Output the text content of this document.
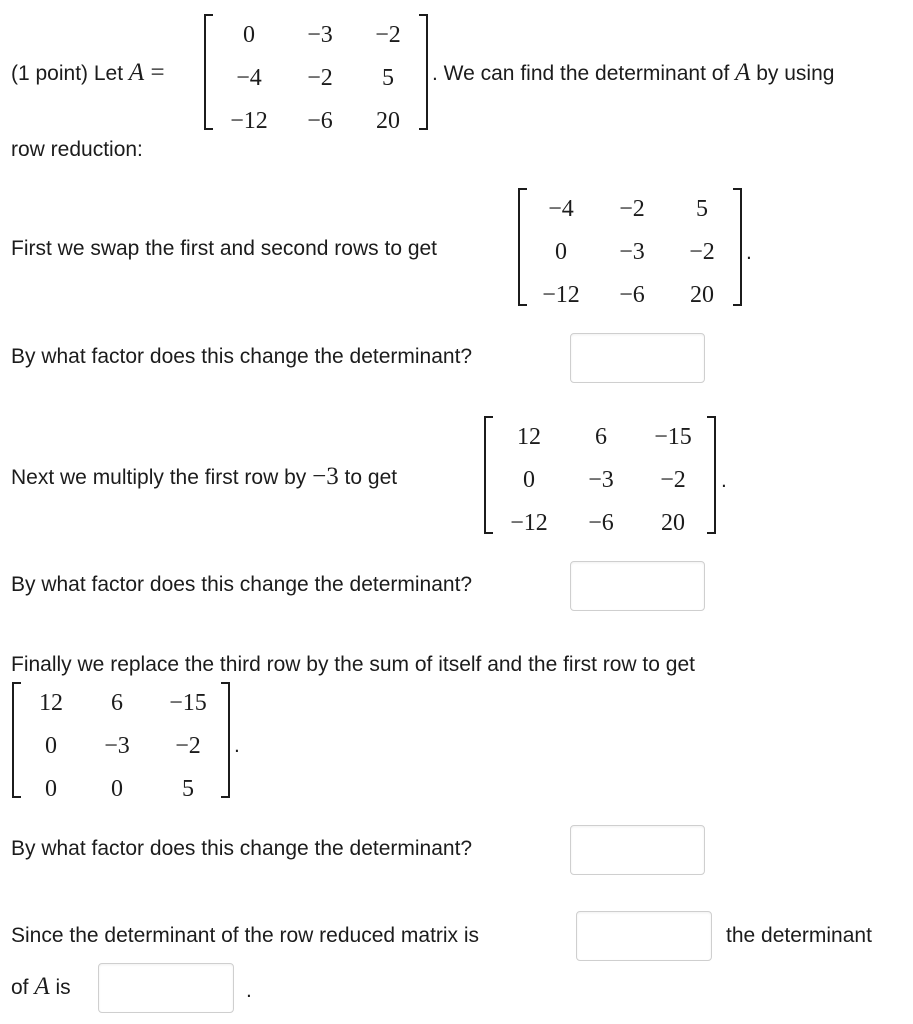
(1 point) Let A =
0	−3	−2
−4	−2	5
−12	−6	20
. We can find the determinant of A by using
row reduction:
First we swap the first and second rows to get
−4	−2	5
0	−3	−2
−12	−6	20
.
By what factor does this change the determinant?
Next we multiply the first row by −3 to get
12	6	−15
0	−3	−2
−12	−6	20
.
By what factor does this change the determinant?
Finally we replace the third row by the sum of itself and the first row to get
12	6	−15
0	−3	−2
0	0	5
.
By what factor does this change the determinant?
Since the determinant of the row reduced matrix is	the determinant
of A is	.
